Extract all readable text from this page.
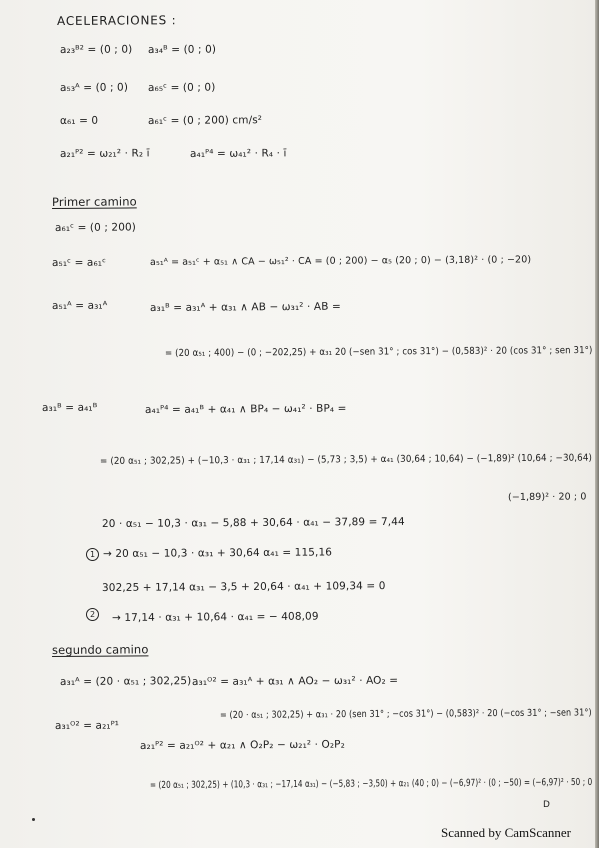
ACELERACIONES :
a₂₃ᴮ² = (0 ; 0) a₃₄ᴮ = (0 ; 0)
a₅₃ᴬ = (0 ; 0) a₆₅ᶜ = (0 ; 0)
α₆₁ = 0	a₆₁ᶜ = (0 ; 200) cm/s²
a₂₁ᴾ² = ω₂₁² · R₂ ī	a₄₁ᴾ⁴ = ω₄₁² · R₄ · ī
Primer camino
a₆₁ᶜ = (0 ; 200)
a₅₁ᶜ = a₆₁ᶜ	a₅₁ᴬ = a₅₁ᶜ + α₅₁ ∧ CA − ω₅₁² · CA = (0 ; 200) − α₅ (20 ; 0) − (3,18)² · (0 ; −20)
a₅₁ᴬ = a₃₁ᴬ	a₃₁ᴮ = a₃₁ᴬ + α₃₁ ∧ AB − ω₃₁² · AB =
= (20 α₅₁ ; 400) − (0 ; −202,25) + α₃₁ 20 (−sen 31° ; cos 31°) − (0,583)² · 20 (cos 31° ; sen 31°)
a₃₁ᴮ = a₄₁ᴮ	a₄₁ᴾ⁴ = a₄₁ᴮ + α₄₁ ∧ BP₄ − ω₄₁² · BP₄ =
= (20 α₅₁ ; 302,25) + (−10,3 · α₃₁ ; 17,14 α₃₁) − (5,73 ; 3,5) + α₄₁ (30,64 ; 10,64) − (−1,89)² (10,64 ; −30,64)
(−1,89)² · 20 ; 0
20 · α₅₁ − 10,3 · α₃₁ − 5,88 + 30,64 · α₄₁ − 37,89 = 7,44
1 → 20 α₅₁ − 10,3 · α₃₁ + 30,64 α₄₁ = 115,16
302,25 + 17,14 α₃₁ − 3,5 + 20,64 · α₄₁ + 109,34 = 0
2	→ 17,14 · α₃₁ + 10,64 · α₄₁ = − 408,09
segundo camino
a₃₁ᴬ = (20 · α₅₁ ; 302,25) a₃₁ᴼ² = a₃₁ᴬ + α₃₁ ∧ AO₂ − ω₃₁² · AO₂ =
= (20 · α₅₁ ; 302,25) + α₃₁ · 20 (sen 31° ; −cos 31°) − (0,583)² · 20 (−cos 31° ; −sen 31°)
a₃₁ᴼ² = a₂₁ᴾ¹
a₂₁ᴾ² = a₂₁ᴼ² + α₂₁ ∧ O₂P₂ − ω₂₁² · O₂P₂
= (20 α₅₁ ; 302,25) + (10,3 · α₃₁ ; −17,14 α₃₁) − (−5,83 ; −3,50) + α₂₁ (40 ; 0) − (−6,97)² · (0 ; −50) = (−6,97)² · 50 ; 0
D
Scanned by CamScanner
